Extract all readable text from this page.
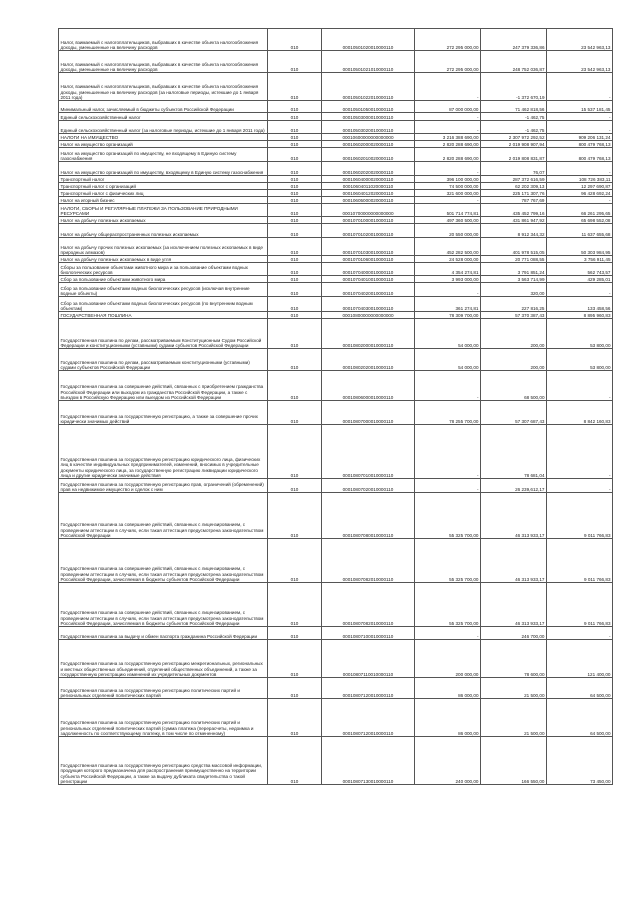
Налог, взимаемый с налогоплательщиков, выбравших в качестве объекта налогообложения доходы, уменьшенные на величину расходов	010	00010501020010000110	272 295 000,00	247 379 336,86	23 542 963,13
Налог, взимаемый с налогоплательщиков, выбравших в качестве объекта налогообложения доходы, уменьшенные на величину расходов	010	00010501021010000110	272 295 000,00	248 752 036,87	23 542 963,13
Налог, взимаемый с налогоплательщиков, выбравших в качестве объекта налогообложения доходы, уменьшенные на величину расходов (за налоговые периоды, истекшие до 1 января 2011 года)	010	00010501022010000110	-	-1 372 670,19	-
Минимальный налог, зачисляемый в бюджеты субъектов Российской Федерации	010	00010501050010000110	87 000 000,00	71 462 818,56	15 537 181,45
Единый сельскохозяйственный налог	010	00010503000010000110	-	-1 462,75	-
Единый сельскохозяйственный налог (за налоговые периоды, истекшие до 1 января 2011 года)	010	00010503020010000110	-	-1 462,75	-
НАЛОГИ НА ИМУЩЕСТВО	010	00010600000000000000	3 216 388 690,00	2 307 972 292,52	909 206 131,24
Налог на имущество организаций	010	00010602000020000110	2 820 288 690,00	2 019 908 907,94	800 479 768,13
Налог на имущество организаций по имуществу, не входящему в Единую систему газоснабжения	010	00010602010020000110	2 820 288 690,00	2 019 808 831,87	800 479 768,13
Налог на имущество организаций по имуществу, входящему в Единую систему газоснабжения	010	00010602020020000110	-	76,07	-
Транспортный налог	010	00010604000020000110	396 100 000,00	287 372 616,59	108 726 383,11
Транспортный налог с организаций	010	00010604011020000110	74 500 000,00	62 202 309,13	12 297 690,87
Транспортный налог с физических лиц	010	00010604012020000110	321 600 000,00	225 171 307,76	96 428 692,24
Налог на игорный бизнес	010	00010605000020000110	-	787 767,69	-
НАЛОГИ, СБОРЫ И РЕГУЛЯРНЫЕ ПЛАТЕЖИ ЗА ПОЛЬЗОВАНИЕ ПРИРОДНЫМИ РЕСУРСАМИ	010	00010700000000000000	501 714 774,81	435 452 799,16	66 261 295,65
Налог на добычу полезных ископаемых	010	00010701000010000110	497 360 500,00	431 861 947,92	65 698 552,08
Налог на добычу общераспространенных полезных ископаемых	010	00010701020010000110	20 550 000,00	8 912 344,32	11 637 655,68
Налог на добычу прочих полезных ископаемых (за исключением полезных ископаемых в виде природных алмазов)	010	00010701030010000110	452 282 500,00	401 978 515,05	50 303 984,95
Налог на добычу полезных ископаемых в виде угля	010	00010701060010000110	24 528 000,00	20 771 088,55	3 756 911,45
Сборы за пользование объектами животного мира и за пользование объектами водных биологических ресурсов	010	00010704000010000110	4 354 274,81	3 791 851,24	562 743,57
Сбор за пользование объектами животного мира	010	00010704010010000110	3 993 000,00	3 563 714,99	429 285,01
Сбор за пользование объектами водных биологических ресурсов (исключая внутренние водные объекты)	010	00010704020010000110	-	320,00	-
Сбор за пользование объектами водных биологических ресурсов (по внутренним водным объектам)	010	00010704030010000110	361 274,81	227 816,25	133 458,56
ГОСУДАРСТВЕННАЯ ПОШЛИНА	010	00010800000000000000	78 309 700,00	57 370 387,43	8 895 960,83
Государственная пошлина по делам, рассматриваемым Конституционным Судом Российской Федерации и конституционными (уставными) судами субъектов Российской Федерации	010	00010802000010000110	54 000,00	200,00	53 800,00
Государственная пошлина по делам, рассматриваемым конституционными (уставными) судами субъектов Российской Федерации	010	00010802020010000110	54 000,00	200,00	53 800,00
Государственная пошлина за совершение действий, связанных с приобретением гражданства Российской Федерации или выходом из гражданства Российской Федерации, а также с въездом в Российскую Федерацию или выездом из Российской Федерации	010	00010806000010000110	-	68 500,00	-
Государственная пошлина за государственную регистрацию, а также за совершение прочих юридически значимых действий	010	00010807000010000110	78 255 700,00	57 307 687,43	8 842 160,83
Государственная пошлина за государственную регистрацию юридического лица, физических лиц в качестве индивидуальных предпринимателей, изменений, вносимых в учредительные документы юридического лица, за государственную регистрацию ликвидации юридического лица и другие юридически значимые действия	010	00010807010010000110	-	78 681,04	-
Государственная пошлина за государственную регистрацию прав, ограничений (обременений) прав на недвижимое имущество и сделок с ним	010	00010807020010000110	-	26 239,612,17	-
Государственная пошлина за совершение действий, связанных с лицензированием, с проведением аттестации в случаях, если такая аттестация предусмотрена законодательством Российской Федерации	010	00010807080010000110	55 325 700,00	46 313 933,17	9 011 766,83
Государственная пошлина за совершение действий, связанных с лицензированием, с проведением аттестации в случаях, если такая аттестация предусмотрена законодательством Российской Федерации, зачисляемая в бюджеты субъектов Российской Федерации	010	00010807082010000110	55 325 700,00	46 313 933,17	9 011 766,83
Государственная пошлина за совершение действий, связанных с лицензированием, с проведением аттестации в случаях, если такая аттестация предусмотрена законодательством Российской Федерации, зачисляемая в бюджеты субъектов Российской Федерации	010	00010807082010000110	55 325 700,00	46 313 933,17	9 011 766,83
Государственная пошлина за выдачу и обмен паспорта гражданина Российской Федерации	010	00010807100010000110	-	246 700,00	-
Государственная пошлина за государственную регистрацию межрегиональных, региональных и местных общественных объединений, отделений общественных объединений, а также за государственную регистрацию изменений их учредительных документов	010	00010807110010000110	200 000,00	78 600,00	121 400,00
Государственная пошлина за государственную регистрацию политических партий и региональных отделений политических партий	010	00010807120010000110	86 000,00	21 500,00	64 500,00
Государственная пошлина за государственную регистрацию политических партий и региональных отделений политических партий (сумма платежа (перерасчеты, недоимка и задолженность по соответствующему платежу, в том числе по отмененному)	010	00010807120010000110	86 000,00	21 500,00	64 500,00
Государственная пошлина за государственную регистрацию средства массовой информации, продукция которого предназначена для распространения преимущественно на территории субъекта Российской Федерации, а также за выдачу дубликата свидетельства о такой регистрации	010	00010807130010000110	240 000,00	166 550,00	73 450,00
